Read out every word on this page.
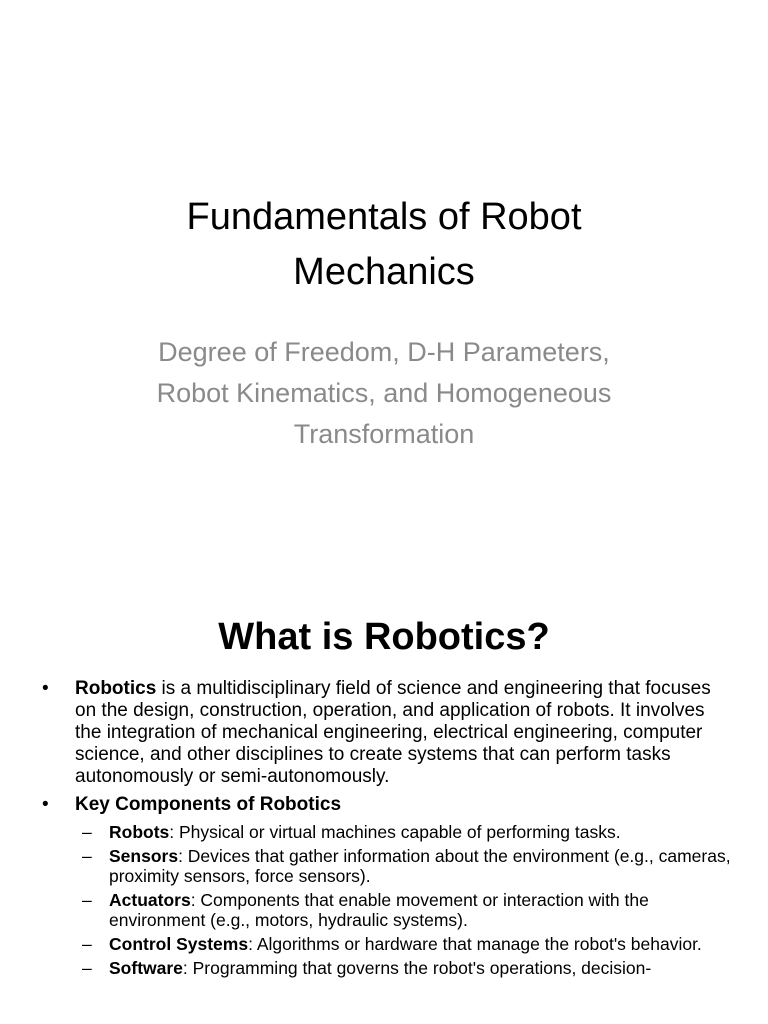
Fundamentals of Robot
Mechanics
Degree of Freedom, D-H Parameters,
Robot Kinematics, and Homogeneous
Transformation
What is Robotics?
•	Robotics is a multidisciplinary field of science and engineering that focuses on the design, construction, operation, and application of robots. It involves the integration of mechanical engineering, electrical engineering, computer science, and other disciplines to create systems that can perform tasks autonomously or semi-autonomously.
•	Key Components of Robotics
– Robots: Physical or virtual machines capable of performing tasks.
– Sensors: Devices that gather information about the environment (e.g., cameras, proximity sensors, force sensors).
– Actuators: Components that enable movement or interaction with the environment (e.g., motors, hydraulic systems).
– Control Systems: Algorithms or hardware that manage the robot's behavior.
– Software: Programming that governs the robot's operations, decision-
